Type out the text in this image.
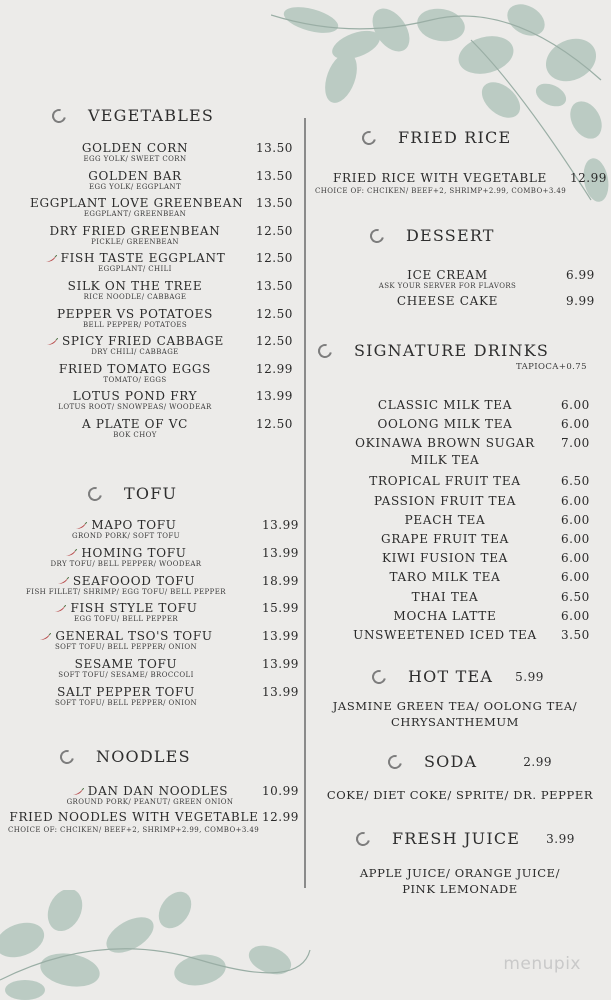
VEGETABLES
GOLDEN CORN
EGG YOLK/ SWEET CORN
13.50
GOLDEN BAR
EGG YOLK/ EGGPLANT
13.50
EGGPLANT LOVE GREENBEAN
EGGPLANT/ GREENBEAN
13.50
DRY FRIED GREENBEAN
PICKLE/ GREENBEAN
12.50
FISH TASTE EGGPLANT
EGGPLANT/ CHILI
12.50
SILK ON THE TREE
RICE NOODLE/ CABBAGE
13.50
PEPPER VS POTATOES
BELL PEPPER/ POTATOES
12.50
SPICY FRIED CABBAGE
DRY CHILI/ CABBAGE
12.50
FRIED TOMATO EGGS
TOMATO/ EGGS
12.99
LOTUS POND FRY
LOTUS ROOT/ SNOWPEAS/ WOODEAR
13.99
A PLATE OF VC
BOK CHOY
12.50
TOFU
MAPO TOFU
GROND PORK/ SOFT TOFU
13.99
HOMING TOFU
DRY TOFU/ BELL PEPPER/ WOODEAR
13.99
SEAFOOOD TOFU
FISH FILLET/ SHRIMP/ EGG TOFU/ BELL PEPPER
18.99
FISH STYLE TOFU
EGG TOFU/ BELL PEPPER
15.99
GENERAL TSO'S TOFU
SOFT TOFU/ BELL PEPPER/ ONION
13.99
SESAME TOFU
SOFT TOFU/ SESAME/ BROCCOLI
13.99
SALT PEPPER TOFU
SOFT TOFU/ BELL PEPPER/ ONION
13.99
NOODLES
DAN DAN NOODLES
GROUND PORK/ PEANUT/ GREEN ONION
10.99
FRIED NOODLES WITH VEGETABLE 12.99
CHOICE OF: CHCIKEN/ BEEF+2, SHRIMP+2.99, COMBO+3.49
FRIED RICE
FRIED RICE WITH VEGETABLE	12.99
CHOICE OF: CHCIKEN/ BEEF+2, SHRIMP+2.99, COMBO+3.49
DESSERT
ICE CREAM
ASK YOUR SERVER FOR FLAVORS
6.99
CHEESE CAKE	9.99
SIGNATURE DRINKS
TAPIOCA+0.75
CLASSIC MILK TEA	6.00
OOLONG MILK TEA	6.00
OKINAWA BROWN SUGAR
MILK TEA
7.00
TROPICAL FRUIT TEA	6.50
PASSION FRUIT TEA	6.00
PEACH TEA	6.00
GRAPE FRUIT TEA	6.00
KIWI FUSION TEA	6.00
TARO MILK TEA	6.00
THAI TEA	6.50
MOCHA LATTE	6.00
UNSWEETENED ICED TEA	3.50
HOT TEA 5.99
JASMINE GREEN TEA/ OOLONG TEA/
CHRYSANTHEMUM
SODA	2.99
COKE/ DIET COKE/ SPRITE/ DR. PEPPER
FRESH JUICE 3.99
APPLE JUICE/ ORANGE JUICE/
PINK LEMONADE
menupix
